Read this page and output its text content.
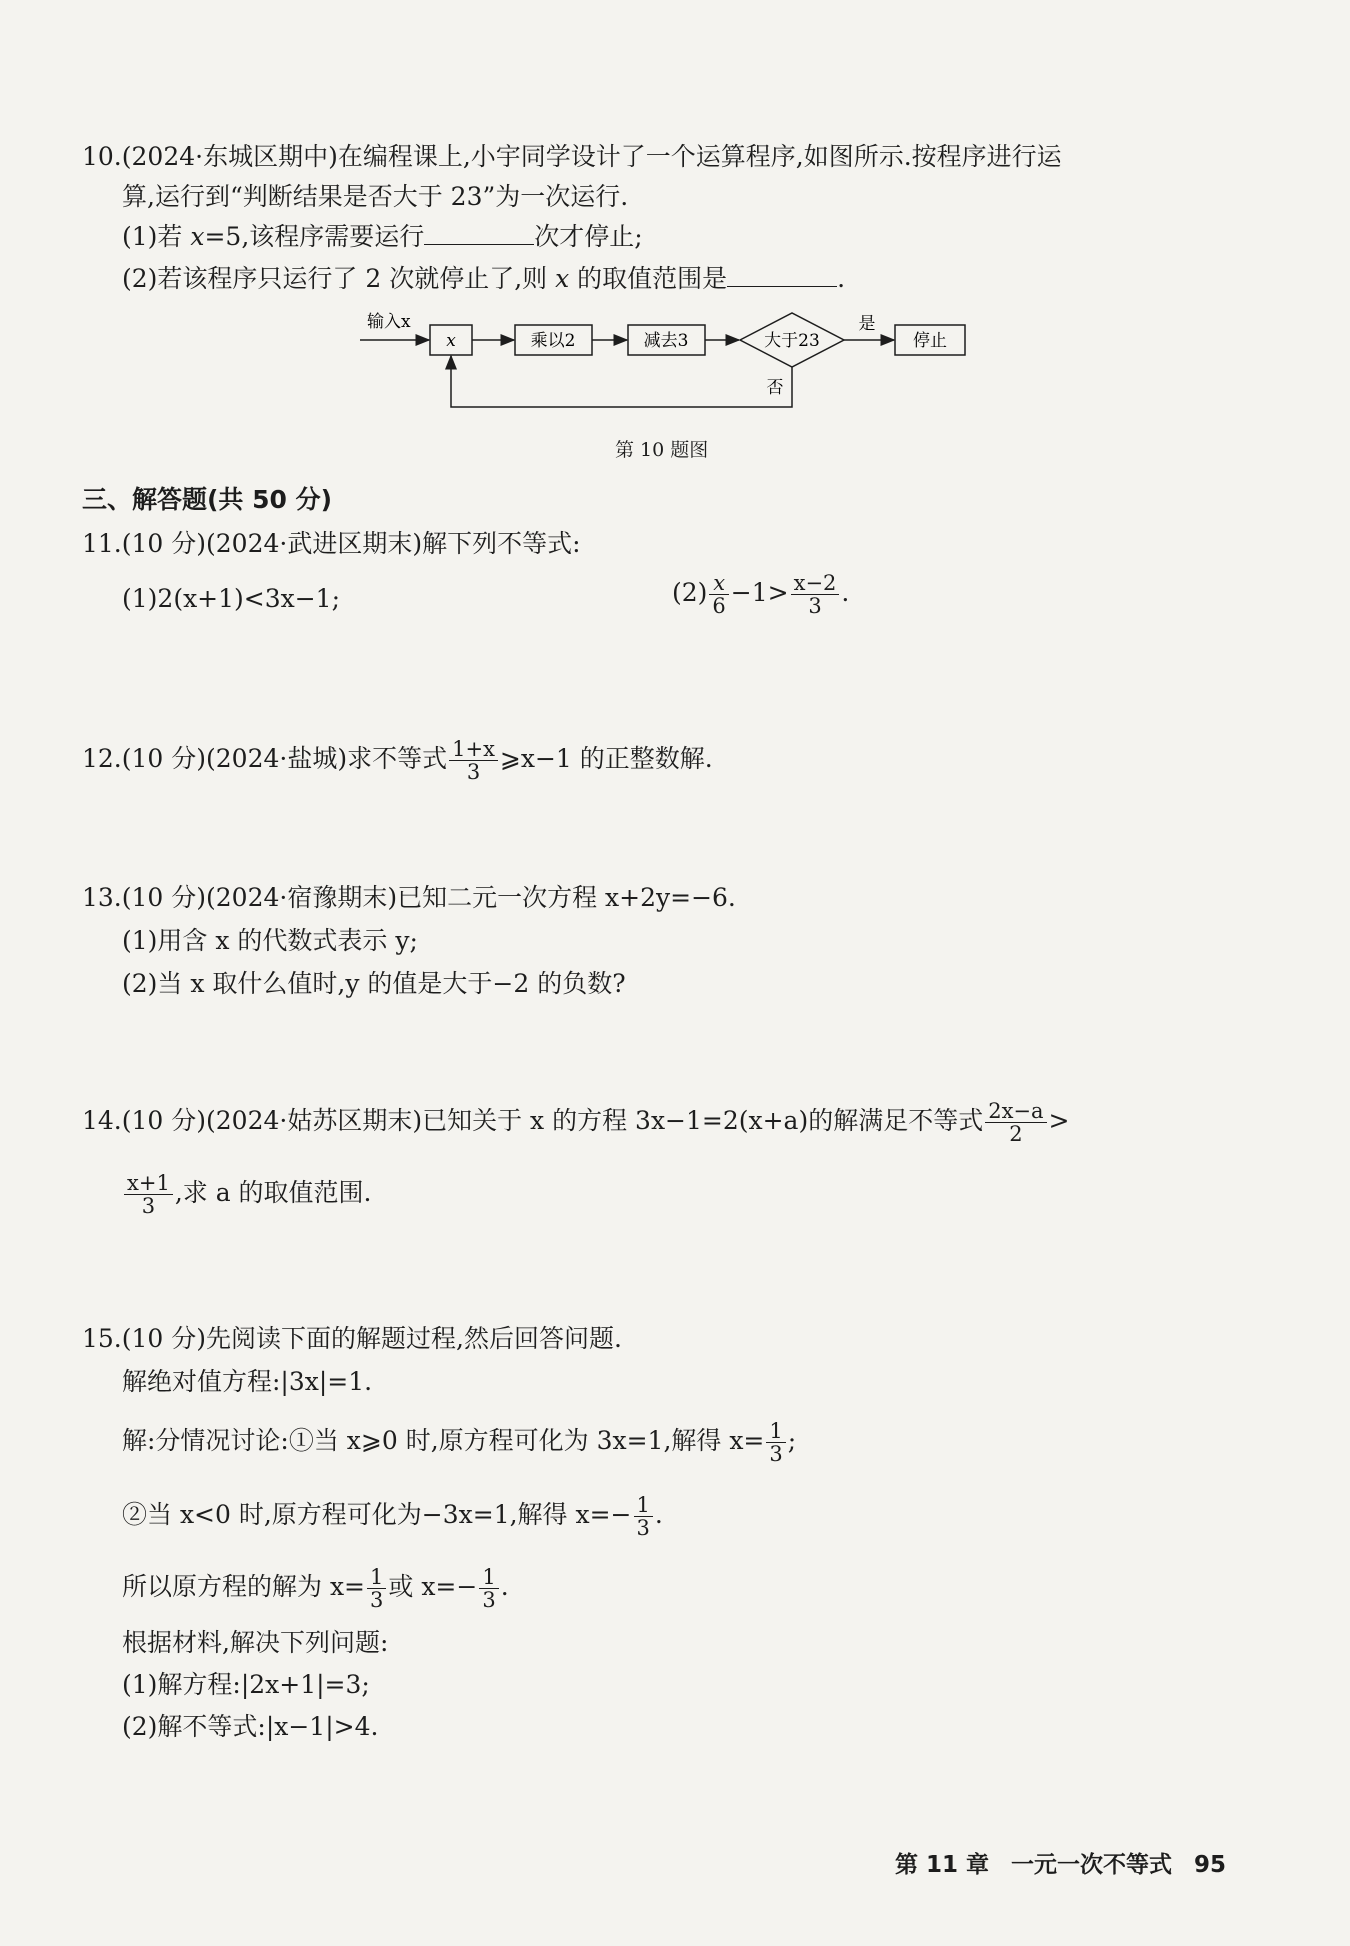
10.(2024·东城区期中)在编程课上,小宇同学设计了一个运算程序,如图所示.按程序进行运
算,运行到“判断结果是否大于 23”为一次运行.
(1)若 x=5,该程序需要运行	次才停止;
(2)若该程序只运行了 2 次就停止了,则 x 的取值范围是	.
输入x
x	乘以2	减去3	大于23
是
停止
否
第 10 题图
三、解答题(共 50 分)
11.(10 分)(2024·武进区期末)解下列不等式:
(1)2(x+1)<3x−1;	$(2) \frac{x}{6} -1> \frac{x-2}{3}$ .
12.(10 分)(2024·盐城)求不等式 $\frac{1+x}{3}$ ⩾x−1 的正整数解.
13.(10 分)(2024·宿豫期末)已知二元一次方程 x+2y=−6.
(1)用含 x 的代数式表示 y;
(2)当 x 取什么值时,y 的值是大于−2 的负数?
14.(10 分)(2024·姑苏区期末)已知关于 x 的方程 3x−1=2(x+a)的解满足不等式 $\frac{2x-a}{2}$ >
$\frac{x+1}{3}$ ,求 a 的取值范围.
15.(10 分)先阅读下面的解题过程,然后回答问题.
解绝对值方程:|3x|=1.
解:分情况讨论:①当 x⩾0 时,原方程可化为 3x=1,解得 $x= \frac{1}{3}$ ;
②当 x<0 时,原方程可化为−3x=1,解得 $x=- \frac{1}{3}$ .
所以原方程的解为 $x= \frac{1}{3}$ 或 $x=- \frac{1}{3}$ .
根据材料,解决下列问题:
(1)解方程:|2x+1|=3;
(2)解不等式:|x−1|>4.
第 11 章 一元一次不等式 95
